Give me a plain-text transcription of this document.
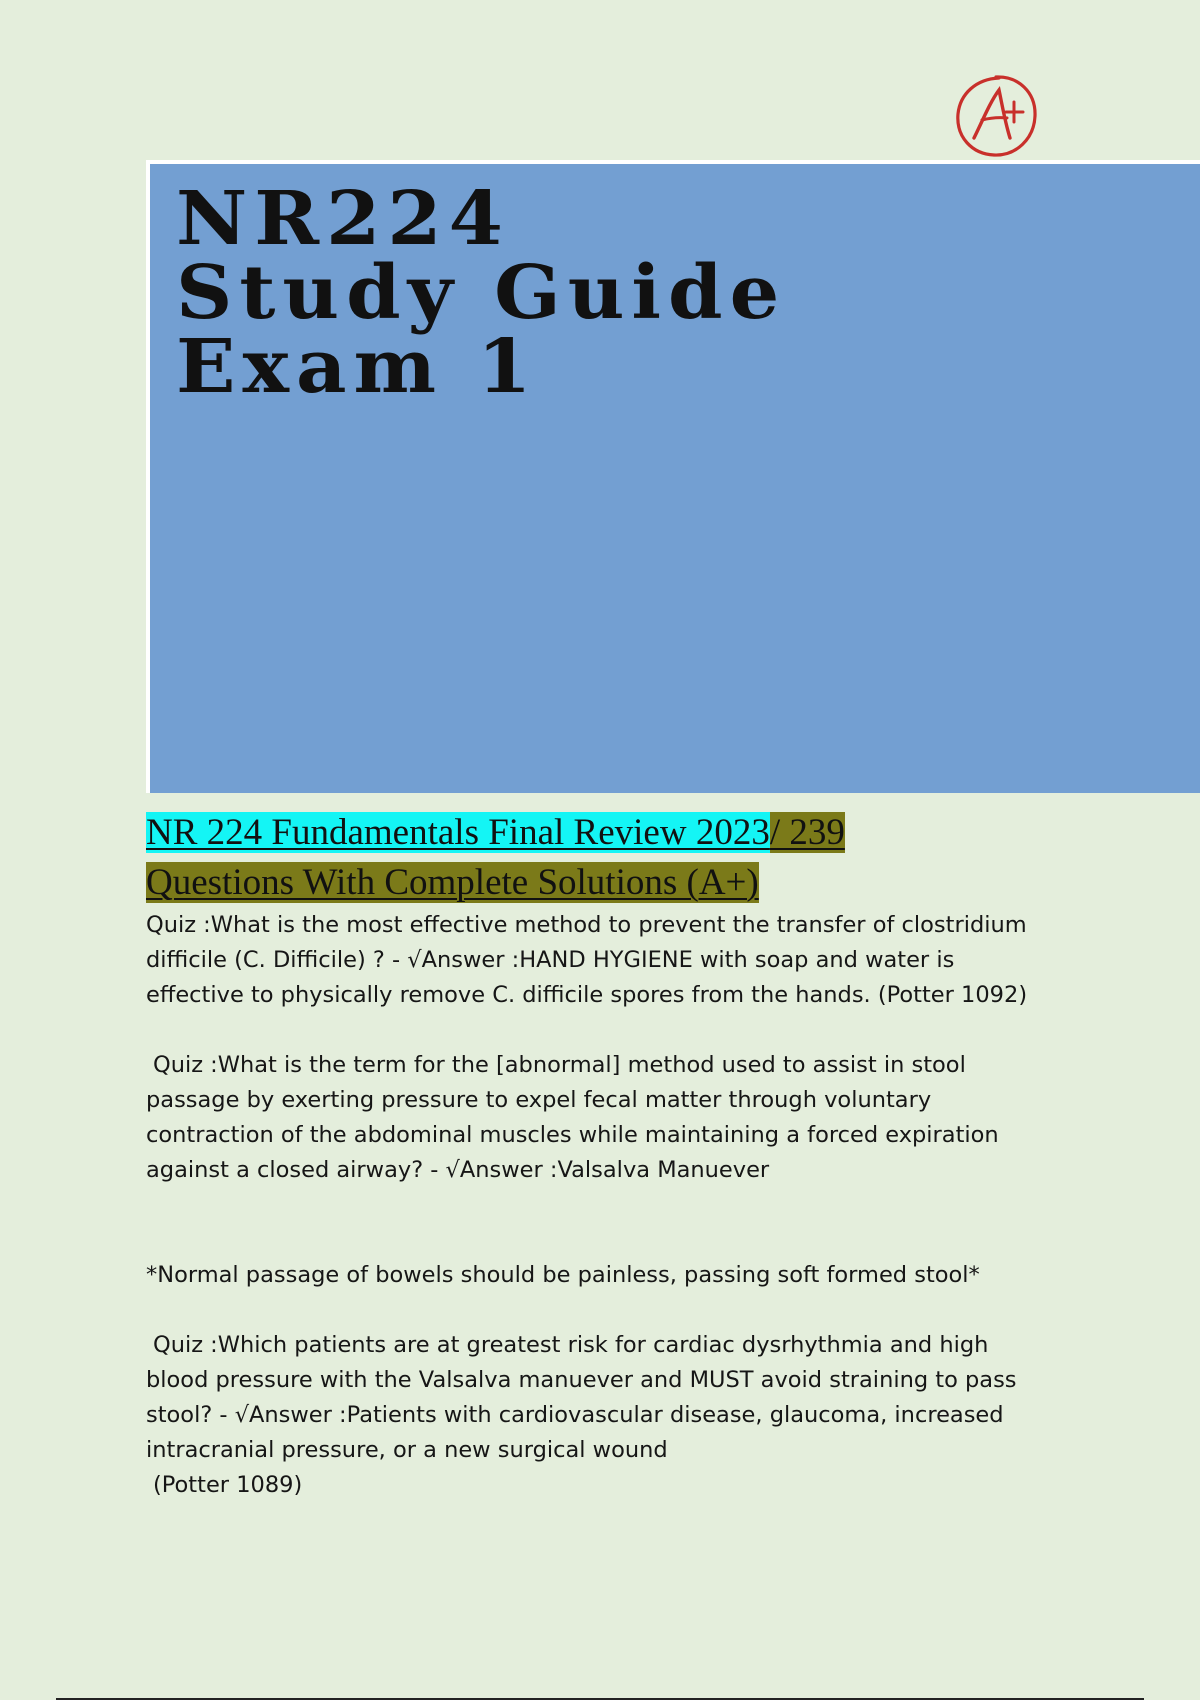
NR224
Study Guide
Exam 1
NR 224 Fundamentals Final Review 2023/ 239
Questions With Complete Solutions (A+)

Quiz :What is the most effective method to prevent the transfer of clostridium

difficile (C. Difficile) ? - √Answer :HAND HYGIENE with soap and water is

effective to physically remove C. difficile spores from the hands. (Potter 1092)

Quiz :What is the term for the [abnormal] method used to assist in stool

passage by exerting pressure to expel fecal matter through voluntary

contraction of the abdominal muscles while maintaining a forced expiration

against a closed airway? - √Answer :Valsalva Manuever

*Normal passage of bowels should be painless, passing soft formed stool*

Quiz :Which patients are at greatest risk for cardiac dysrhythmia and high

blood pressure with the Valsalva manuever and MUST avoid straining to pass

stool? - √Answer :Patients with cardiovascular disease, glaucoma, increased

intracranial pressure, or a new surgical wound

(Potter 1089)
